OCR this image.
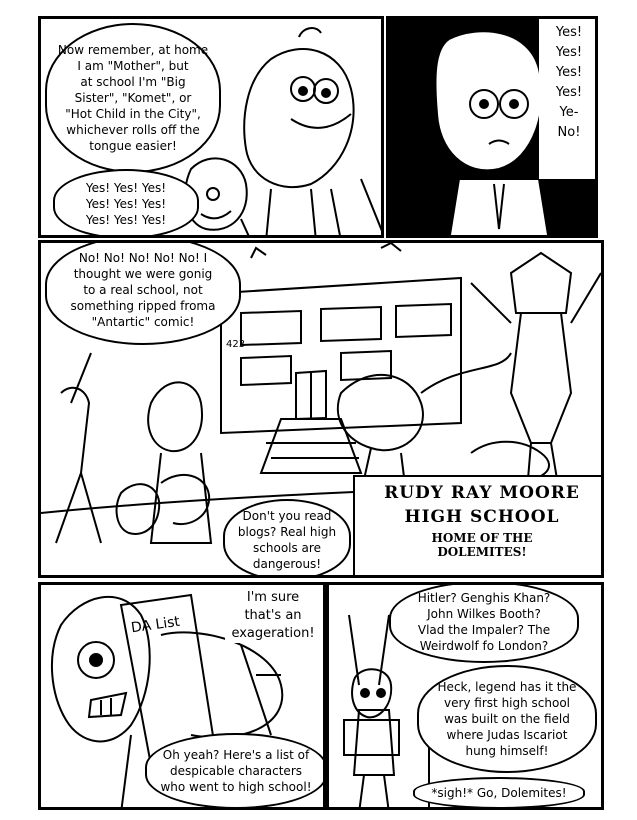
Now remember, at home
I am "Mother", but
at school I'm "Big
Sister", "Komet", or
"Hot Child in the City",
whichever rolls off the
tongue easier!
Yes! Yes! Yes!
Yes! Yes! Yes!
Yes! Yes! Yes!
Yes!
Yes!
Yes!
Yes!
Ye-
No!
No! No! No! No! No! I
thought we were gonig
to a real school, not
something ripped froma
"Antartic" comic!
423
Don't you read
blogs? Real high
schools are
dangerous!
RUDY RAY MOORE
HIGH SCHOOL
HOME OF THE
DOLEMITES!
DA List
I'm sure
that's an
exageration!
Oh yeah? Here's a list of
despicable characters
who went to high school!
Hitler? Genghis Khan?
John Wilkes Booth?
Vlad the Impaler? The
Weirdwolf fo London?
Heck, legend has it the
very first high school
was built on the field
where Judas Iscariot
hung himself!
*sigh!* Go, Dolemites!
